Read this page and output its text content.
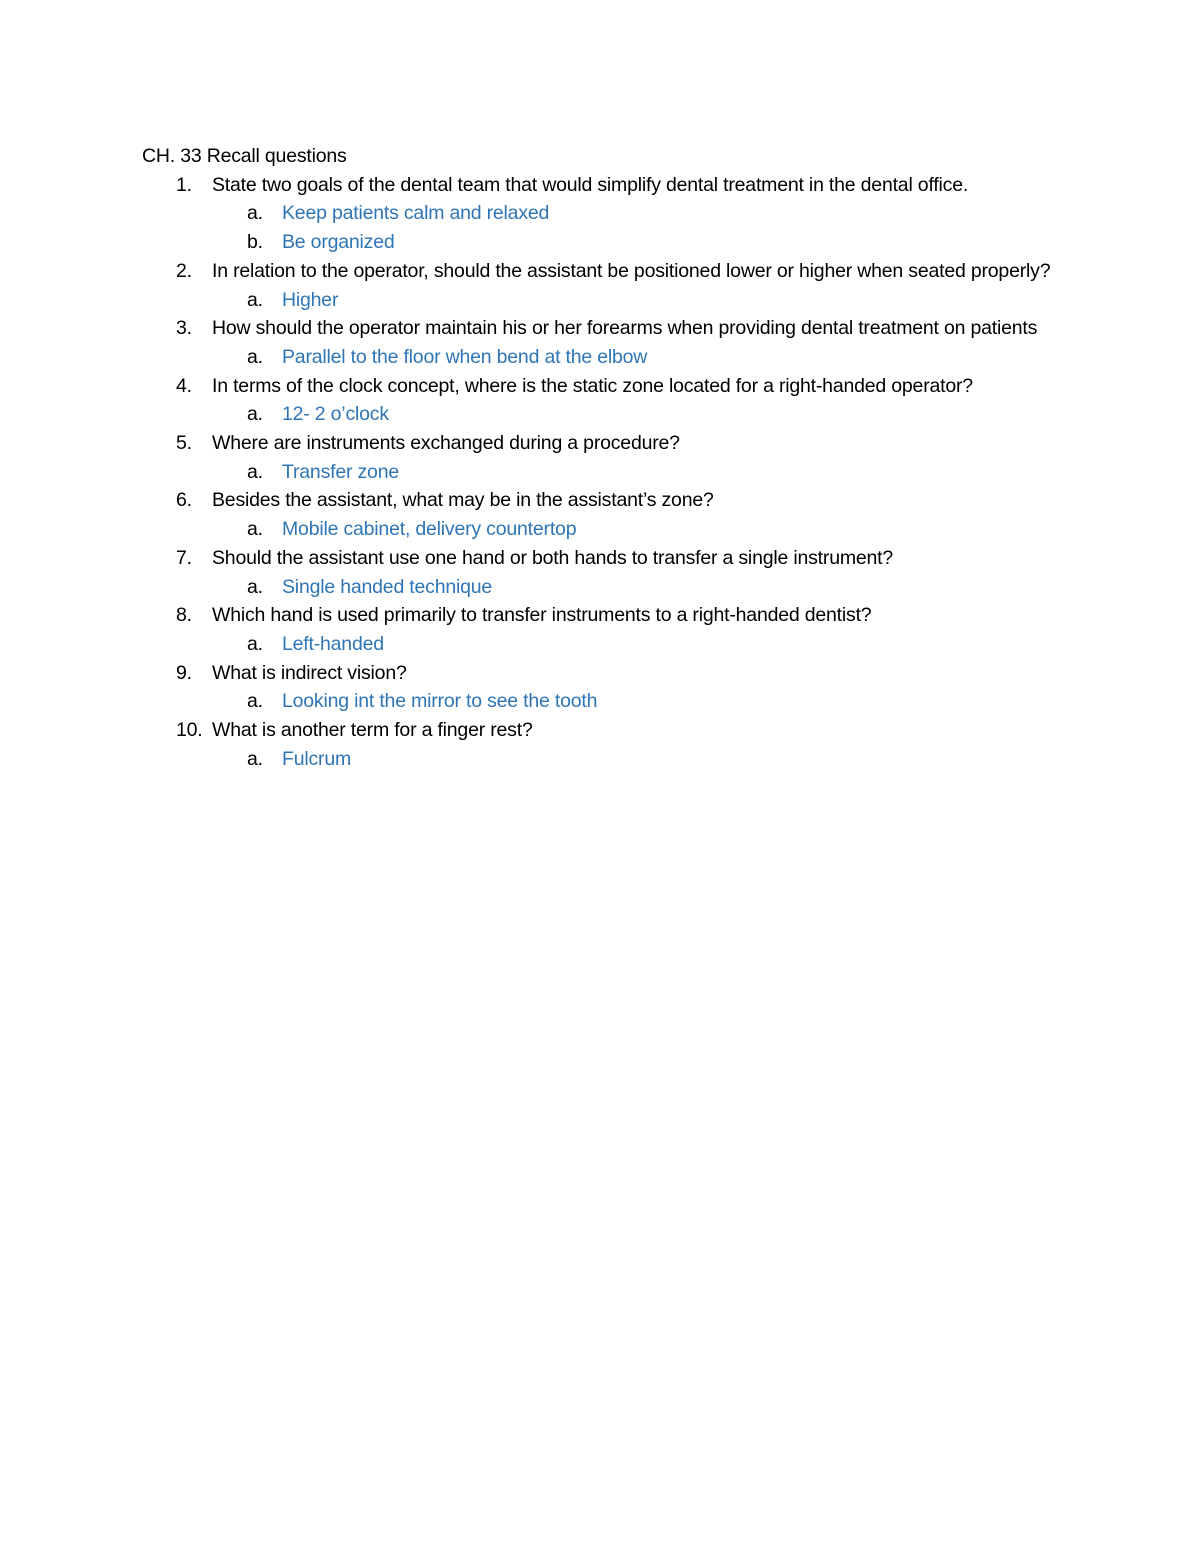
CH. 33 Recall questions
1. State two goals of the dental team that would simplify dental treatment in the dental office.
a. Keep patients calm and relaxed
b. Be organized
2. In relation to the operator, should the assistant be positioned lower or higher when seated properly?
a. Higher
3. How should the operator maintain his or her forearms when providing dental treatment on patients
a. Parallel to the floor when bend at the elbow
4. In terms of the clock concept, where is the static zone located for a right-handed operator?
a. 12- 2 o’clock
5. Where are instruments exchanged during a procedure?
a. Transfer zone
6. Besides the assistant, what may be in the assistant’s zone?
a. Mobile cabinet, delivery countertop
7. Should the assistant use one hand or both hands to transfer a single instrument?
a. Single handed technique
8. Which hand is used primarily to transfer instruments to a right-handed dentist?
a. Left-handed
9. What is indirect vision?
a. Looking int the mirror to see the tooth
10. What is another term for a finger rest?
a. Fulcrum
